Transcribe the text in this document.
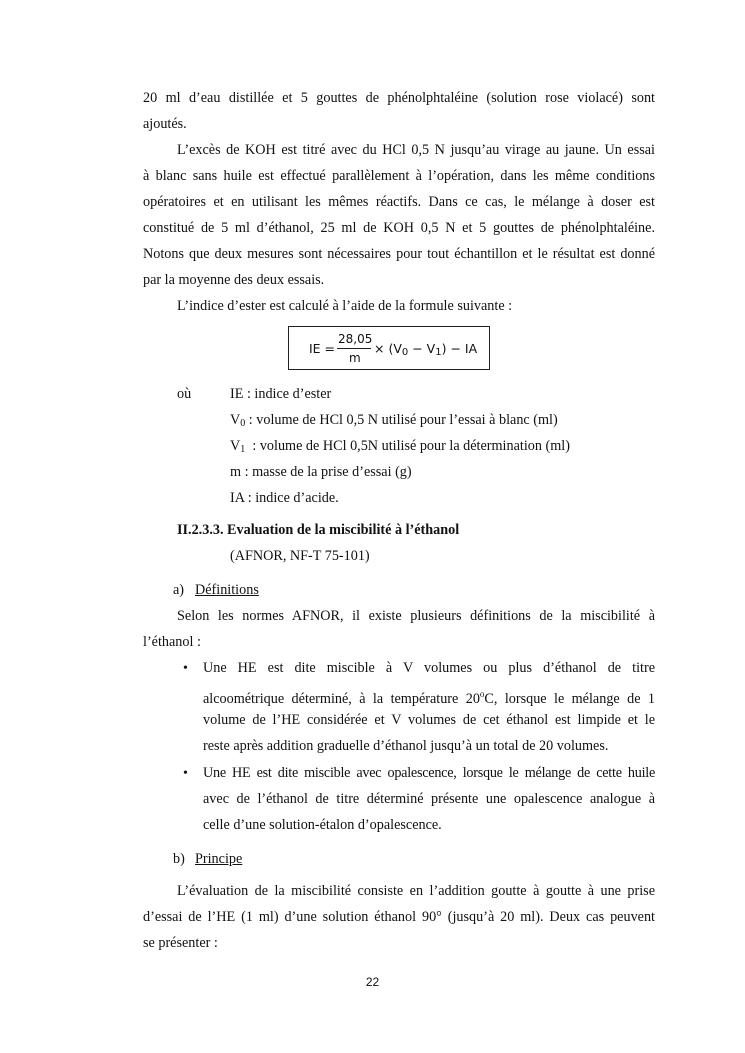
20 ml d’eau distillée et 5 gouttes de phénolphtaléine (solution rose violacé) sont
ajoutés.
L’excès de KOH est titré avec du HCl 0,5 N jusqu’au virage au jaune. Un essai
à blanc sans huile est effectué parallèlement à l’opération, dans les même conditions
opératoires et en utilisant les mêmes réactifs. Dans ce cas, le mélange à doser est
constitué de 5 ml d’éthanol, 25 ml de KOH 0,5 N et 5 gouttes de phénolphtaléine.
Notons que deux mesures sont nécessaires pour tout échantillon et le résultat est donné
par la moyenne des deux essais.
L’indice d’ester est calculé à l’aide de la formule suivante :
IE =
28,05
m
× $(V_0 - V_1)$ − IA
où	IE : indice d’ester
$V_0$ : volume de HCl 0,5 N utilisé pour l’essai à blanc (ml)
$V_1$  : volume de HCl 0,5N utilisé pour la détermination (ml)
m : masse de la prise d’essai (g)
IA : indice d’acide.
II.2.3.3. Evaluation de la miscibilité à l’éthanol
(AFNOR, NF-T 75-101)
a) Définitions
Selon les normes AFNOR, il existe plusieurs définitions de la miscibilité à
l’éthanol :
• Une HE est dite miscible à V volumes ou plus d’éthanol de titre
alcoométrique déterminé, à la température 20$^o$C, lorsque le mélange de 1
volume de l’HE considérée et V volumes de cet éthanol est limpide et le
reste après addition graduelle d’éthanol jusqu’à un total de 20 volumes.
• Une HE est dite miscible avec opalescence, lorsque le mélange de cette huile
avec de l’éthanol de titre déterminé présente une opalescence analogue à
celle d’une solution-étalon d’opalescence.
b) Principe
L’évaluation de la miscibilité consiste en l’addition goutte à goutte à une prise
d’essai de l’HE (1 ml) d’une solution éthanol 90° (jusqu’à 20 ml). Deux cas peuvent
se présenter :
22
